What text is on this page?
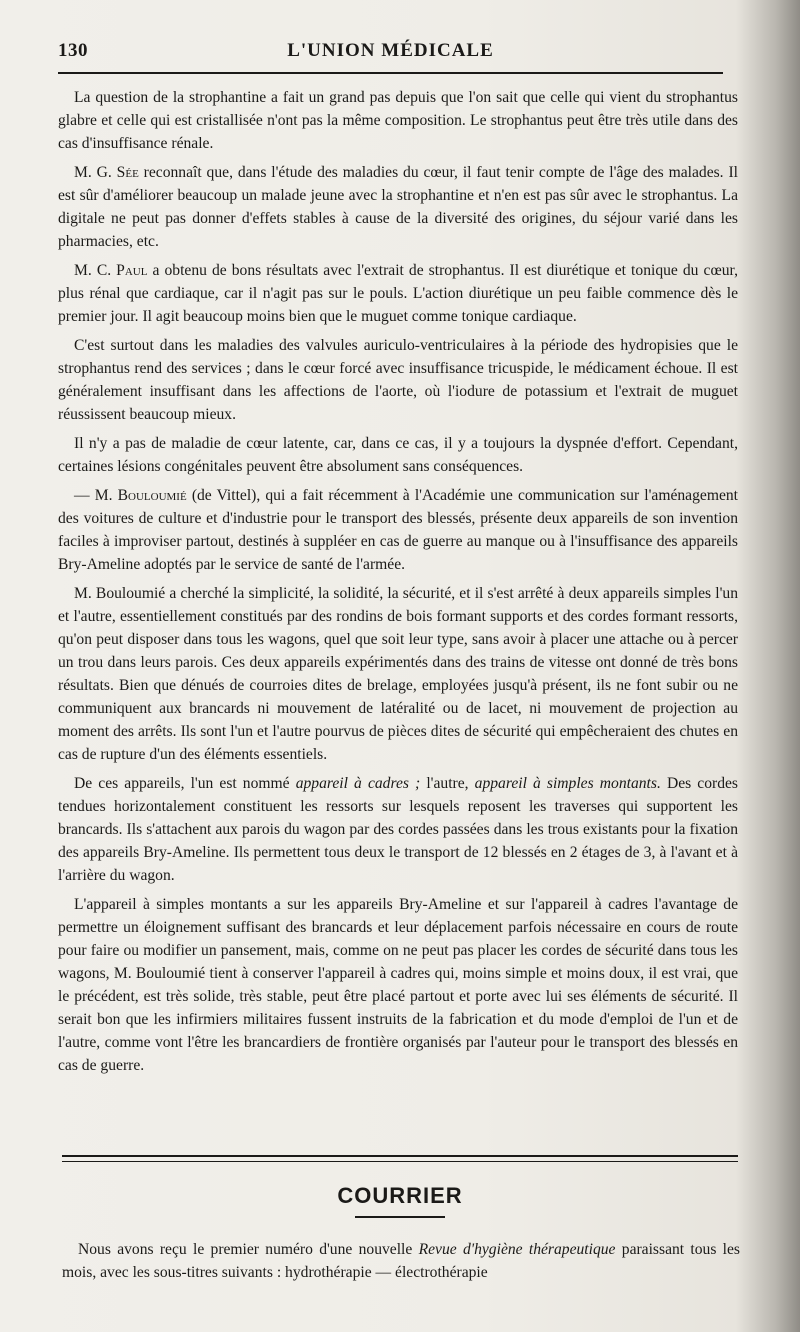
130	L'UNION MÉDICALE

La question de la strophantine a fait un grand pas depuis que l'on sait que celle qui vient du strophantus glabre et celle qui est cristallisée n'ont pas la même composition. Le strophantus peut être très utile dans des cas d'insuffisance rénale.

M. G. Sée reconnaît que, dans l'étude des maladies du cœur, il faut tenir compte de l'âge des malades. Il est sûr d'améliorer beaucoup un malade jeune avec la strophantine et n'en est pas sûr avec le strophantus. La digitale ne peut pas donner d'effets stables à cause de la diversité des origines, du séjour varié dans les pharmacies, etc.

M. C. Paul a obtenu de bons résultats avec l'extrait de strophantus. Il est diurétique et tonique du cœur, plus rénal que cardiaque, car il n'agit pas sur le pouls. L'action diurétique un peu faible commence dès le premier jour. Il agit beaucoup moins bien que le muguet comme tonique cardiaque.

C'est surtout dans les maladies des valvules auriculo-ventriculaires à la période des hydropisies que le strophantus rend des services ; dans le cœur forcé avec insuffisance tricuspide, le médicament échoue. Il est généralement insuffisant dans les affections de l'aorte, où l'iodure de potassium et l'extrait de muguet réussissent beaucoup mieux.

Il n'y a pas de maladie de cœur latente, car, dans ce cas, il y a toujours la dyspnée d'effort. Cependant, certaines lésions congénitales peuvent être absolument sans conséquences.

— M. Bouloumié (de Vittel), qui a fait récemment à l'Académie une communication sur l'aménagement des voitures de culture et d'industrie pour le transport des blessés, présente deux appareils de son invention faciles à improviser partout, destinés à suppléer en cas de guerre au manque ou à l'insuffisance des appareils Bry-Ameline adoptés par le service de santé de l'armée.

M. Bouloumié a cherché la simplicité, la solidité, la sécurité, et il s'est arrêté à deux appareils simples l'un et l'autre, essentiellement constitués par des rondins de bois formant supports et des cordes formant ressorts, qu'on peut disposer dans tous les wagons, quel que soit leur type, sans avoir à placer une attache ou à percer un trou dans leurs parois. Ces deux appareils expérimentés dans des trains de vitesse ont donné de très bons résultats. Bien que dénués de courroies dites de brelage, employées jusqu'à présent, ils ne font subir ou ne communiquent aux brancards ni mouvement de latéralité ou de lacet, ni mouvement de projection au moment des arrêts. Ils sont l'un et l'autre pourvus de pièces dites de sécurité qui empêcheraient des chutes en cas de rupture d'un des éléments essentiels.

De ces appareils, l'un est nommé appareil à cadres ; l'autre, appareil à simples montants. Des cordes tendues horizontalement constituent les ressorts sur lesquels reposent les traverses qui supportent les brancards. Ils s'attachent aux parois du wagon par des cordes passées dans les trous existants pour la fixation des appareils Bry-Ameline. Ils permettent tous deux le transport de 12 blessés en 2 étages de 3, à l'avant et à l'arrière du wagon.

L'appareil à simples montants a sur les appareils Bry-Ameline et sur l'appareil à cadres l'avantage de permettre un éloignement suffisant des brancards et leur déplacement parfois nécessaire en cours de route pour faire ou modifier un pansement, mais, comme on ne peut pas placer les cordes de sécurité dans tous les wagons, M. Bouloumié tient à conserver l'appareil à cadres qui, moins simple et moins doux, il est vrai, que le précédent, est très solide, très stable, peut être placé partout et porte avec lui ses éléments de sécurité. Il serait bon que les infirmiers militaires fussent instruits de la fabrication et du mode d'emploi de l'un et de l'autre, comme vont l'être les brancardiers de frontière organisés par l'auteur pour le transport des blessés en cas de guerre.

COURRIER

Nous avons reçu le premier numéro d'une nouvelle Revue d'hygiène thérapeutique paraissant tous les mois, avec les sous-titres suivants : hydrothérapie — électrothérapie
